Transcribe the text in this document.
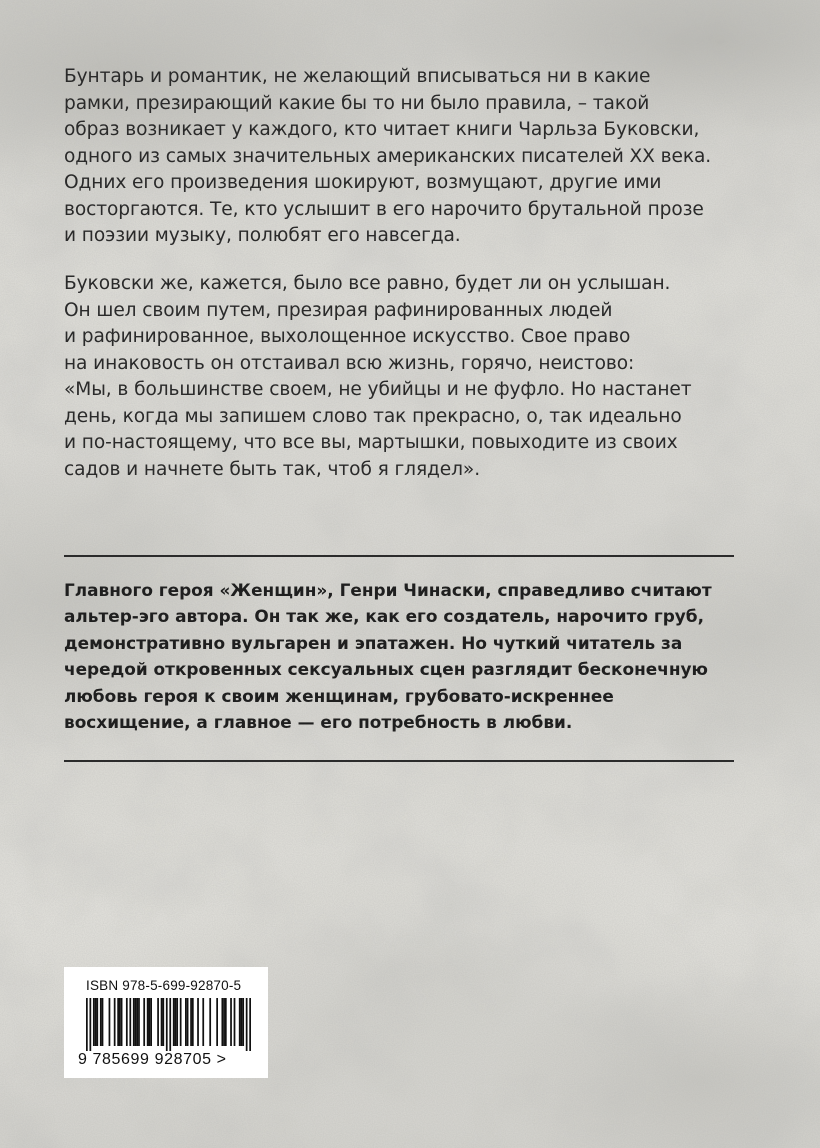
Бунтарь и романтик, не желающий вписываться ни в какие
рамки, презирающий какие бы то ни было правила, – такой
образ возникает у каждого, кто читает книги Чарльза Буковски,
одного из самых значительных американских писателей XX века.
Одних его произведения шокируют, возмущают, другие ими
восторгаются. Те, кто услышит в его нарочито брутальной прозе
и поэзии музыку, полюбят его навсегда.
Буковски же, кажется, было все равно, будет ли он услышан.
Он шел своим путем, презирая рафинированных людей
и рафинированное, выхолощенное искусство. Свое право
на инаковость он отстаивал всю жизнь, горячо, неистово:
«Мы, в большинстве своем, не убийцы и не фуфло. Но настанет
день, когда мы запишем слово так прекрасно, о, так идеально
и по-настоящему, что все вы, мартышки, повыходите из своих
садов и начнете быть так, чтоб я глядел».
Главного героя «Женщин», Генри Чинаски, справедливо считают
альтер-эго автора. Он так же, как его создатель, нарочито груб,
демонстративно вульгарен и эпатажен. Но чуткий читатель за
чередой откровенных сексуальных сцен разглядит бесконечную
любовь героя к своим женщинам, грубовато-искреннее
восхищение, а главное — его потребность в любви.
ISBN 978-5-699-92870-5
9 785699 928705 >
